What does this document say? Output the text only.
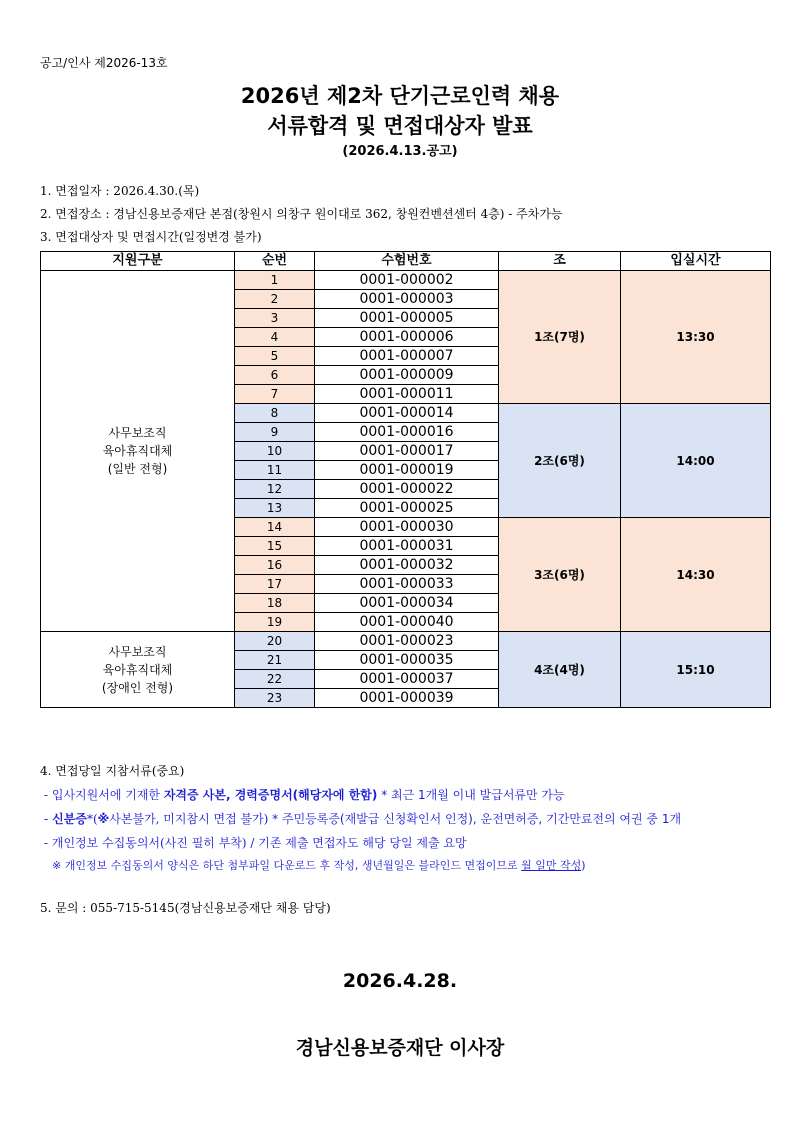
공고/인사 제2026-13호
2026년 제2차 단기근로인력 채용
서류합격 및 면접대상자 발표
(2026.4.13.공고)
1. 면접일자 : 2026.4.30.(목)
2. 면접장소 : 경남신용보증재단 본점(창원시 의창구 원이대로 362, 창원컨벤션센터 4층) - 주차가능
3. 면접대상자 및 면접시간(일정변경 불가)
지원구분	순번	수험번호	조	입실시간

사무보조직
육아휴직대체
(일반 전형)	1	0001-000002	1조(7명)	13:30
	2	0001-000003		
	3	0001-000005		
	4	0001-000006		
	5	0001-000007		
	6	0001-000009		
	7	0001-000011		
	8	0001-000014	2조(6명)	14:00
	9	0001-000016		
	10	0001-000017		
	11	0001-000019		
	12	0001-000022		
	13	0001-000025		
	14	0001-000030	3조(6명)	14:30
	15	0001-000031		
	16	0001-000032		
	17	0001-000033		
	18	0001-000034		
	19	0001-000040		

사무보조직
육아휴직대체
(장애인 전형)	20	0001-000023	4조(4명)	15:10
	21	0001-000035		
	22	0001-000037		
	23	0001-000039		
4. 면접당일 지참서류(중요)
- 입사지원서에 기재한 자격증 사본, 경력증명서(해당자에 한함) * 최근 1개월 이내 발급서류만 가능
- 신분증*(※사본불가, 미지참시 면접 불가) * 주민등록증(재발급 신청확인서 인정), 운전면허증, 기간만료전의 여권 중 1개
- 개인정보 수집동의서(사진 필히 부착) / 기존 제출 면접자도 해당 당일 제출 요망
※ 개인정보 수집동의서 양식은 하단 첨부파일 다운로드 후 작성, 생년월일은 블라인드 면접이므로 월 일만 작성)
5. 문의 : 055-715-5145(경남신용보증재단 채용 담당)
2026.4.28.
경남신용보증재단 이사장
